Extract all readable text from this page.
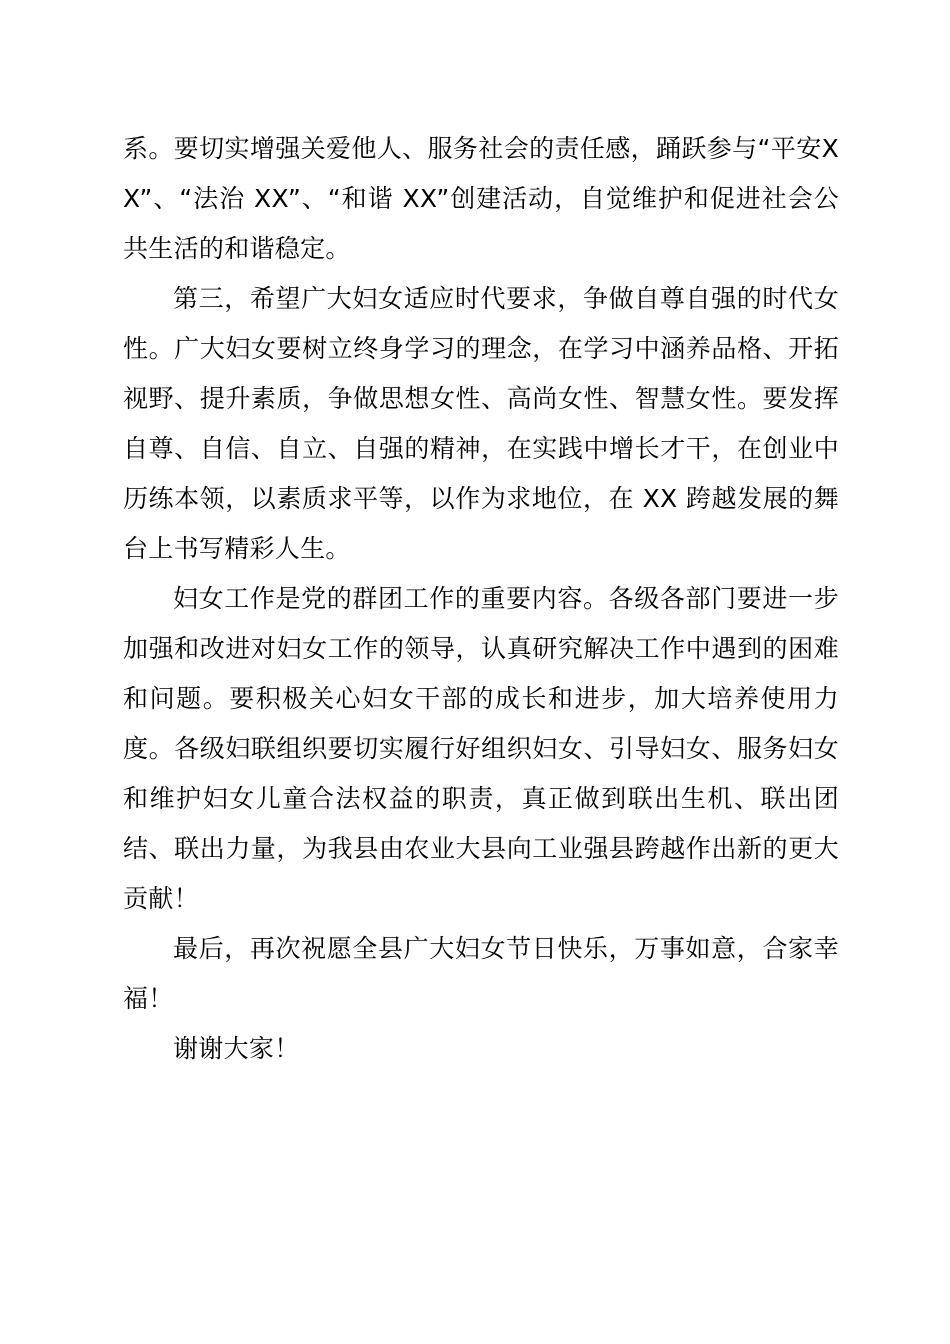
系。要切实增强关爱他人、服务社会的责任感，踊跃参与“平安XX”、“法治 XX”、“和谐 XX”创建活动，自觉维护和促进社会公共生活的和谐稳定。

第三，希望广大妇女适应时代要求，争做自尊自强的时代女性。广大妇女要树立终身学习的理念，在学习中涵养品格、开拓视野、提升素质，争做思想女性、高尚女性、智慧女性。要发挥自尊、自信、自立、自强的精神，在实践中增长才干，在创业中历练本领，以素质求平等，以作为求地位，在 XX 跨越发展的舞台上书写精彩人生。

妇女工作是党的群团工作的重要内容。各级各部门要进一步加强和改进对妇女工作的领导，认真研究解决工作中遇到的困难和问题。要积极关心妇女干部的成长和进步，加大培养使用力度。各级妇联组织要切实履行好组织妇女、引导妇女、服务妇女和维护妇女儿童合法权益的职责，真正做到联出生机、联出团结、联出力量，为我县由农业大县向工业强县跨越作出新的更大贡献！

最后，再次祝愿全县广大妇女节日快乐，万事如意，合家幸福！

谢谢大家！
